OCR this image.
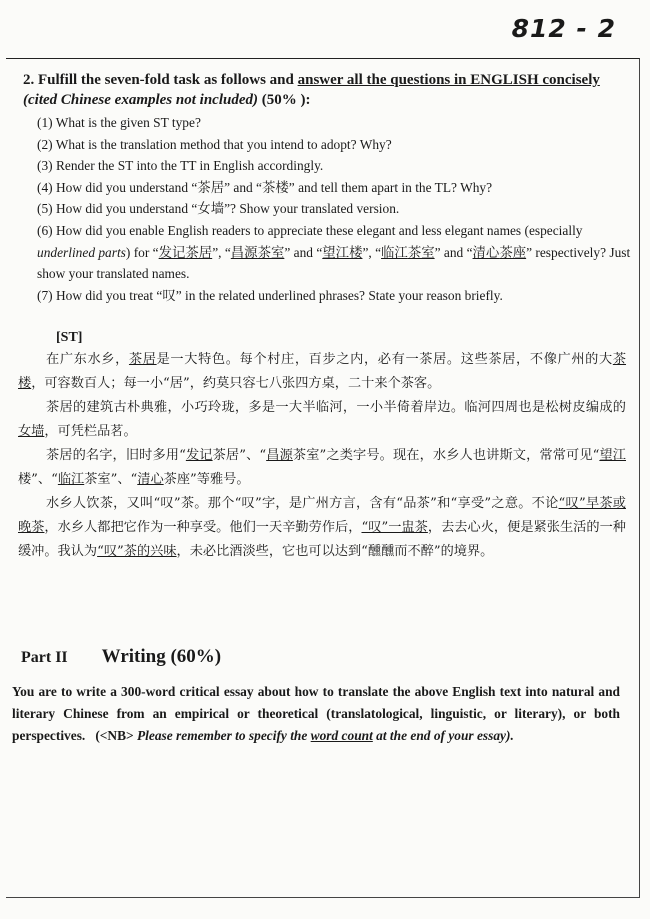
812 - 2
2. Fulfill the seven-fold task as follows and answer all the questions in ENGLISH concisely (cited Chinese examples not included) (50% ):
(1) What is the given ST type?
(2) What is the translation method that you intend to adopt? Why?
(3) Render the ST into the TT in English accordingly.
(4) How did you understand “茶居” and “茶楼” and tell them apart in the TL? Why?
(5) How did you understand “女墙”? Show your translated version.
(6) How did you enable English readers to appreciate these elegant and less elegant names (especially underlined parts) for “发记茶居”, “昌源茶室” and “望江楼”, “临江茶室” and “清心茶座” respectively? Just show your translated names.
(7) How did you treat “叹” in the related underlined phrases? State your reason briefly.
[ST]

在广东水乡，茶居是一大特色。每个村庄，百步之内，必有一茶居。这些茶居，不像广州的大茶楼，可容数百人；每一小“居”，约莫只容七八张四方桌，二十来个茶客。

茶居的建筑古朴典雅，小巧玲珑，多是一大半临河，一小半倚着岸边。临河四周也是松树皮编成的女墙，可凭栏品茗。

茶居的名字，旧时多用“发记茶居”、“昌源茶室”之类字号。现在，水乡人也讲斯文，常常可见“望江楼”、“临江茶室”、“清心茶座”等雅号。

水乡人饮茶，又叫“叹”茶。那个“叹”字，是广州方言，含有“品茶”和“享受”之意。不论“叹”早茶或晚茶，水乡人都把它作为一种享受。他们一天辛勤劳作后，“叹”一盅茶，去去心火，便是紧张生活的一种缓冲。我认为“叹”茶的兴味，未必比酒淡些，它也可以达到“醺醺而不醉”的境界。

Part II Writing (60%)
You are to write a 300-word critical essay about how to translate the above English text into natural and literary Chinese from an empirical or theoretical (translatological, linguistic, or literary), or both perspectives. (<NB> Please remember to specify the word count at the end of your essay).
